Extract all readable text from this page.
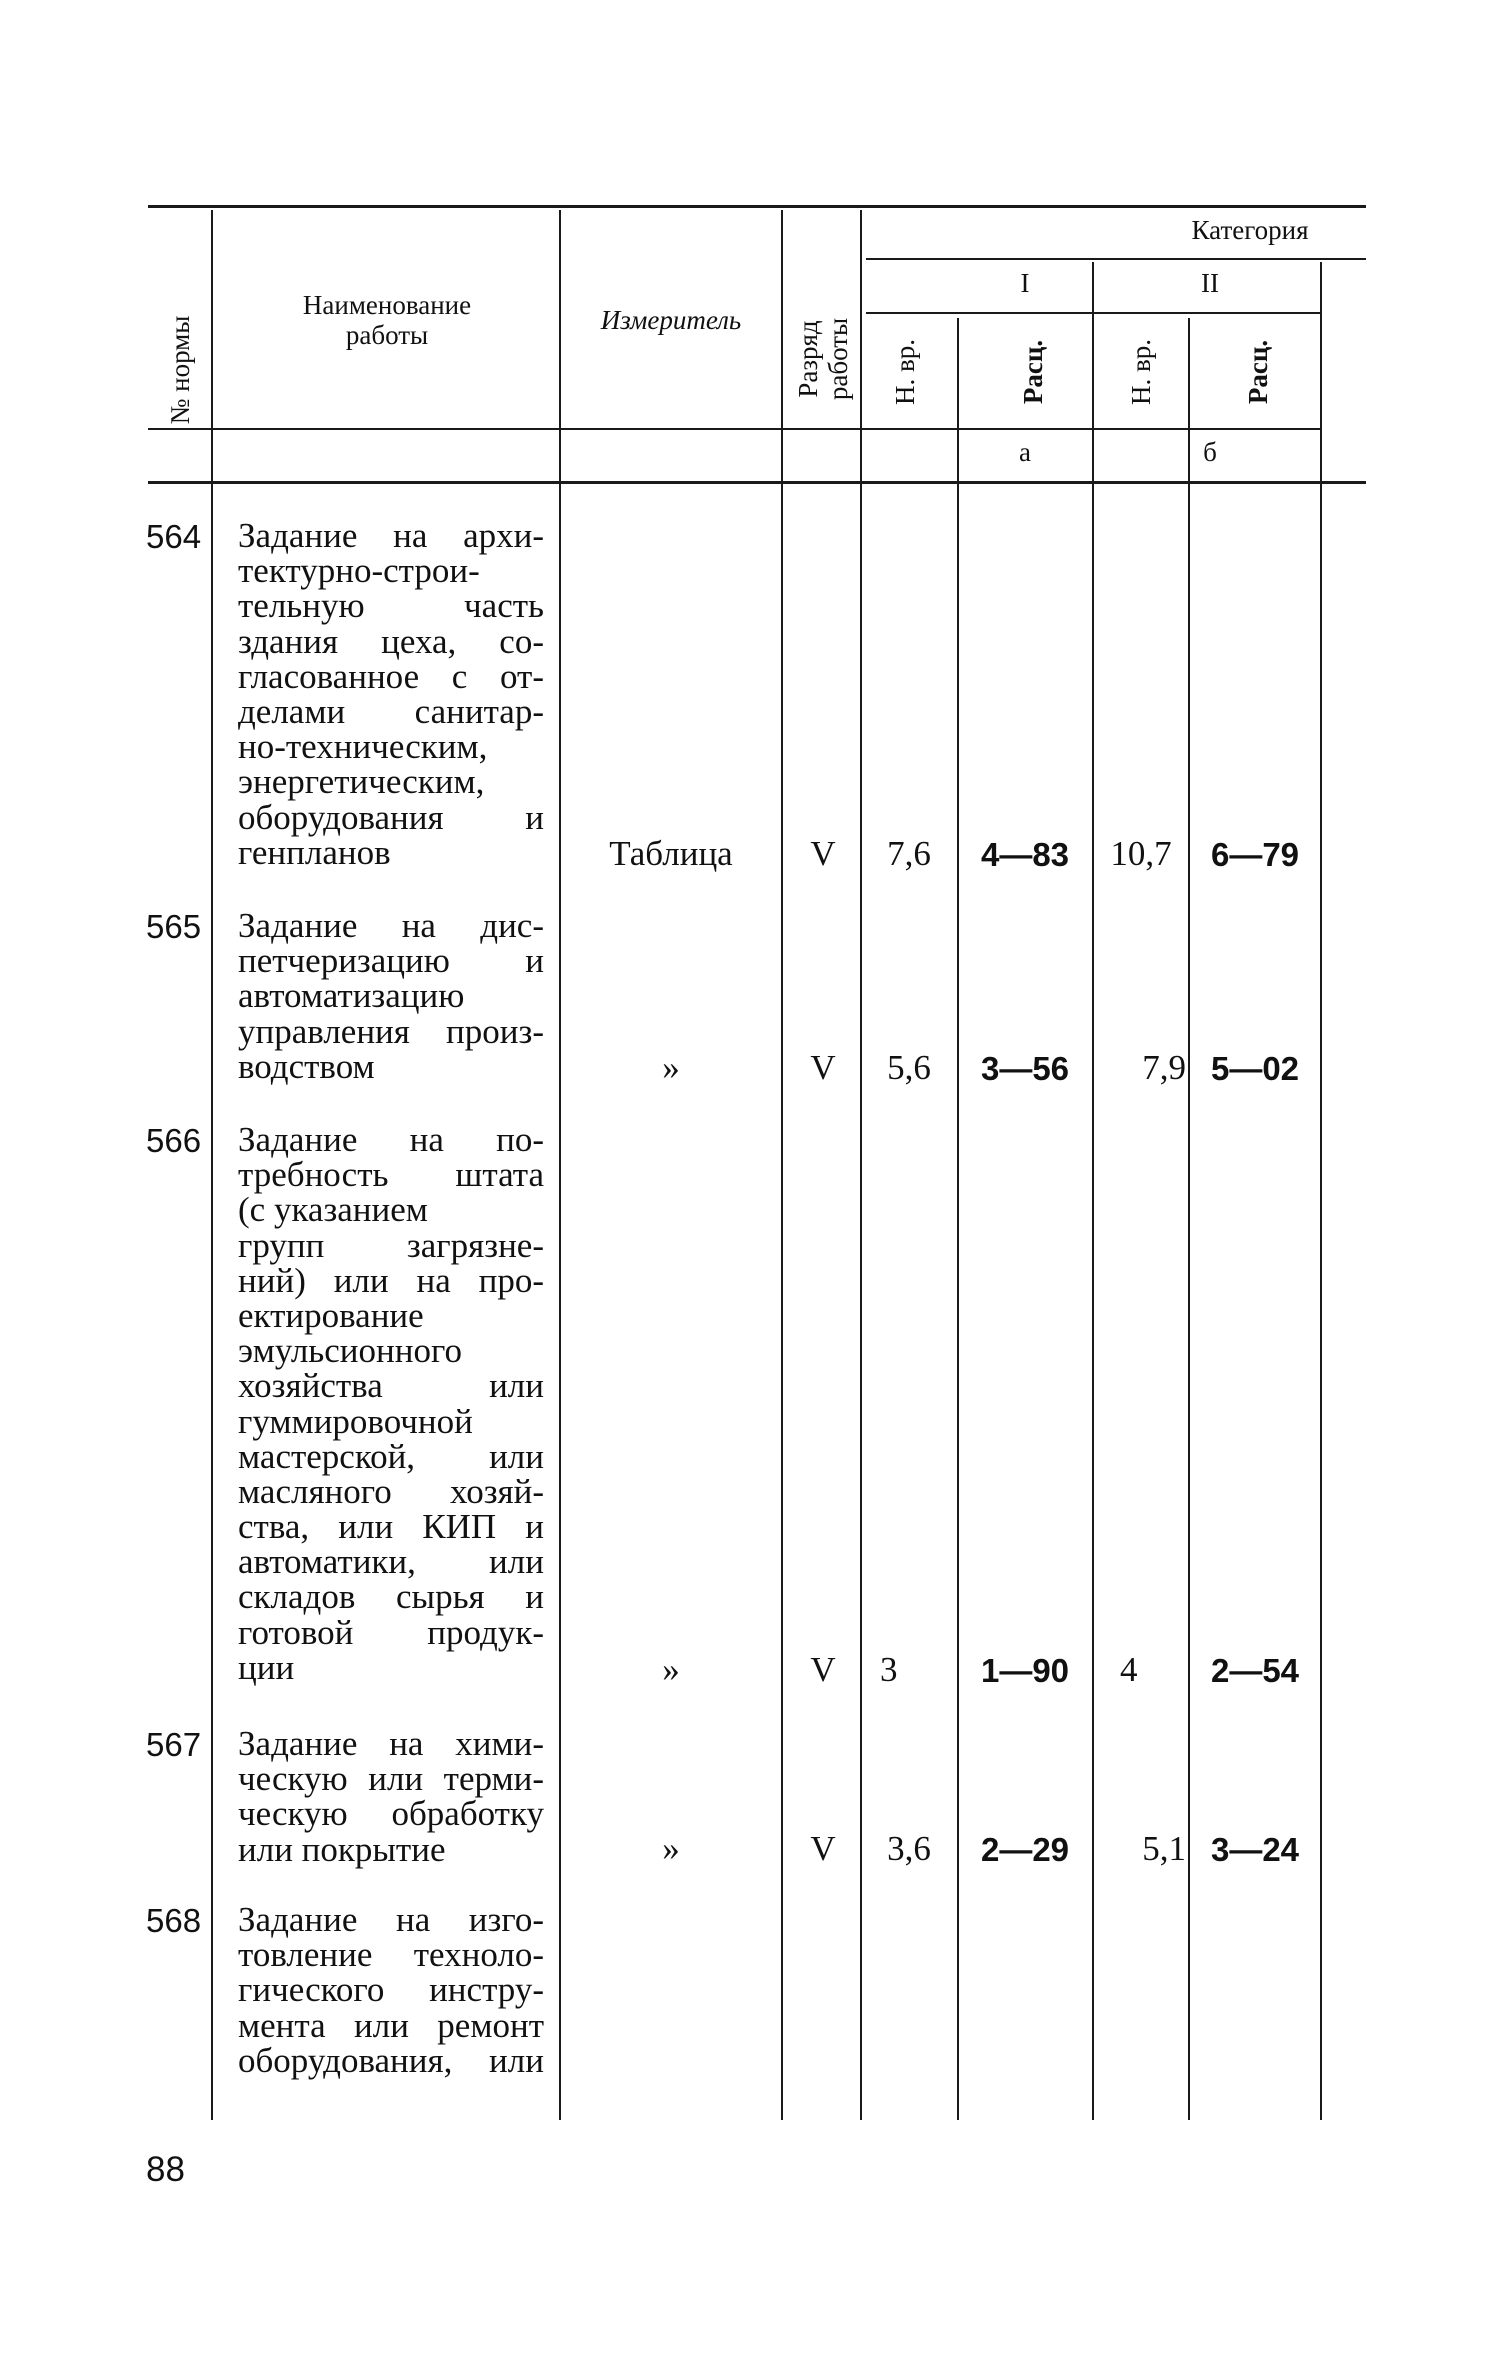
№ нормы
Наименование
работы	Измеритель
Разряд работы
Категория
I	II
Н. вр.	Расц.	Н. вр.	Расц.
а	б
564 Задание на архи-
тектурно-строи-
тельную часть
здания цеха, со-
гласованное с от-
делами санитар-
но-техническим,
энергетическим,
оборудования и
генпланов	Таблица	V	7,6	4—83	10,7	6—79
565 Задание на дис-
петчеризацию и
автоматизацию
управления произ-
водством	»	V	5,6	3—56	7,9 5—02
566 Задание на по-
требность штата
(с указанием
групп загрязне-
ний) или на про-
ектирование
эмульсионного
хозяйства или
гуммировочной
мастерской, или
масляного хозяй-
ства, или КИП и
автоматики, или
складов сырья и
готовой продук-
ции	»	V	3	1—90	4	2—54
567 Задание на хими-
ческую или терми-
ческую обработку
или покрытие	»	V	3,6	2—29	5,1 3—24
568 Задание на изго-
товление техноло-
гического инстру-
мента или ремонт
оборудования, или
88
